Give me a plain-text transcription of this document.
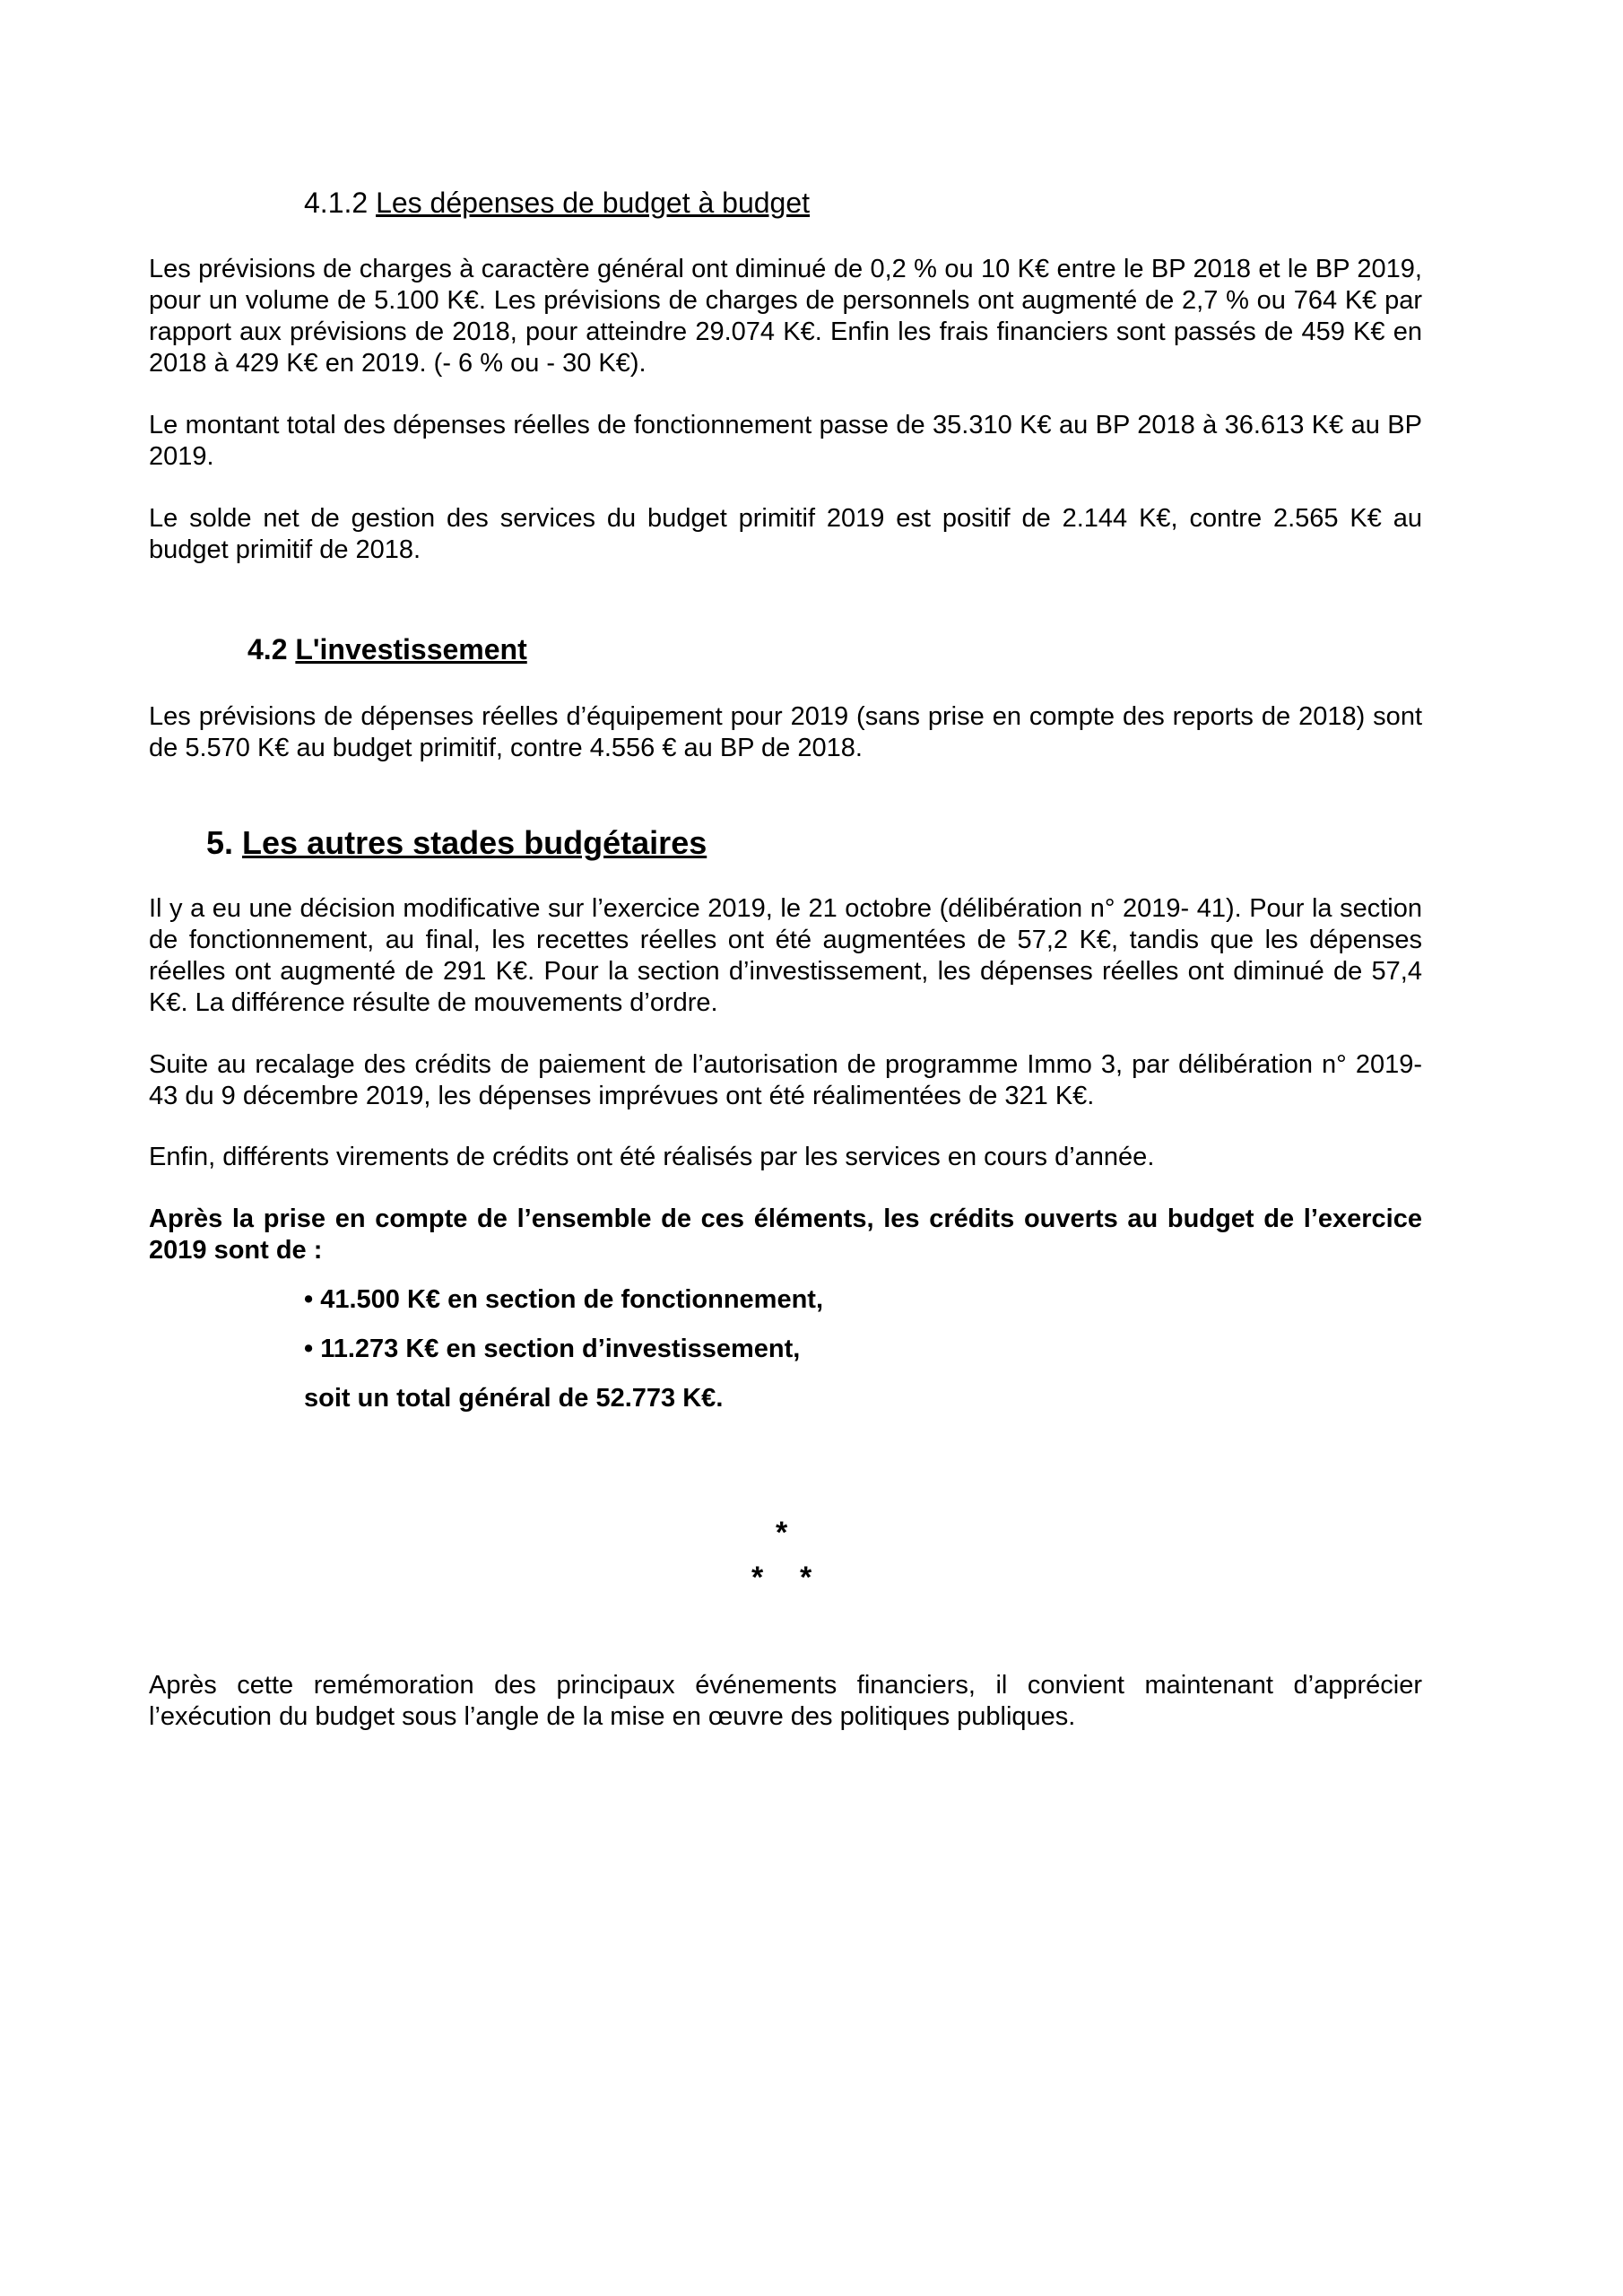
4.1.2 Les dépenses de budget à budget

Les prévisions de charges à caractère général ont diminué de 0,2 % ou 10 K€ entre le BP 2018 et le BP 2019, pour un volume de 5.100 K€. Les prévisions de charges de personnels ont augmenté de 2,7 % ou 764 K€ par rapport aux prévisions de 2018, pour atteindre 29.074 K€. Enfin les frais financiers sont passés de 459 K€ en 2018 à 429 K€ en 2019. (- 6 % ou - 30 K€).

Le montant total des dépenses réelles de fonctionnement passe de 35.310 K€ au BP 2018 à 36.613 K€ au BP 2019.

Le solde net de gestion des services du budget primitif 2019 est positif de 2.144 K€, contre 2.565 K€ au budget primitif de 2018.

4.2 L'investissement

Les prévisions de dépenses réelles d’équipement pour 2019 (sans prise en compte des reports de 2018) sont de 5.570 K€ au budget primitif, contre 4.556 € au BP de 2018.

5. Les autres stades budgétaires

Il y a eu une décision modificative sur l’exercice 2019, le 21 octobre (délibération n° 2019- 41). Pour la section de fonctionnement, au final, les recettes réelles ont été augmentées de 57,2 K€, tandis que les dépenses réelles ont augmenté de 291 K€. Pour la section d’investissement, les dépenses réelles ont diminué de 57,4 K€. La différence résulte de mouvements d’ordre.

Suite au recalage des crédits de paiement de l’autorisation de programme Immo 3, par délibération n° 2019-43 du 9 décembre 2019, les dépenses imprévues ont été réalimentées de 321 K€.

Enfin, différents virements de crédits ont été réalisés par les services en cours d’année.

Après la prise en compte de l’ensemble de ces éléments, les crédits ouverts au budget de l’exercice 2019 sont de :

• 41.500 K€ en section de fonctionnement,

• 11.273 K€ en section d’investissement,

soit un total général de 52.773 K€.

*
* *

Après cette remémoration des principaux événements financiers, il convient maintenant d’apprécier l’exécution du budget sous l’angle de la mise en œuvre des politiques publiques.
